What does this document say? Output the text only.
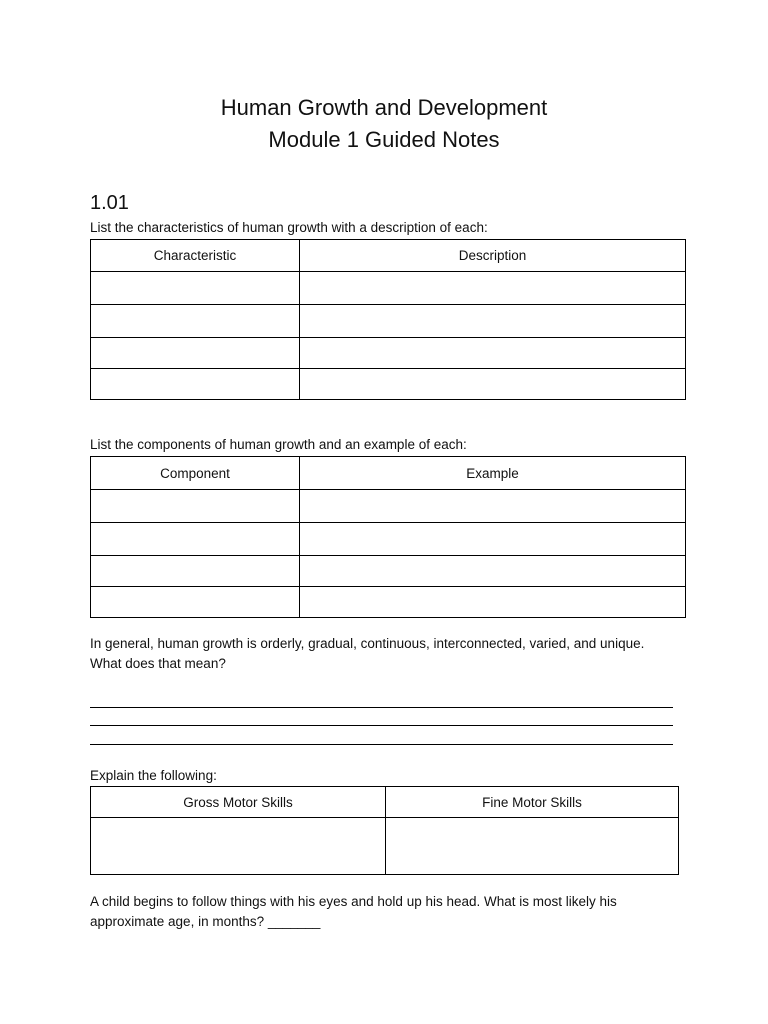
Human Growth and Development
Module 1 Guided Notes
1.01
List the characteristics of human growth with a description of each:
Characteristic	Description

List the components of human growth and an example of each:
Component	Example

In general, human growth is orderly, gradual, continuous, interconnected, varied, and unique.
What does that mean?
Explain the following:
Gross Motor Skills	Fine Motor Skills

A child begins to follow things with his eyes and hold up his head. What is most likely his
approximate age, in months? _______
